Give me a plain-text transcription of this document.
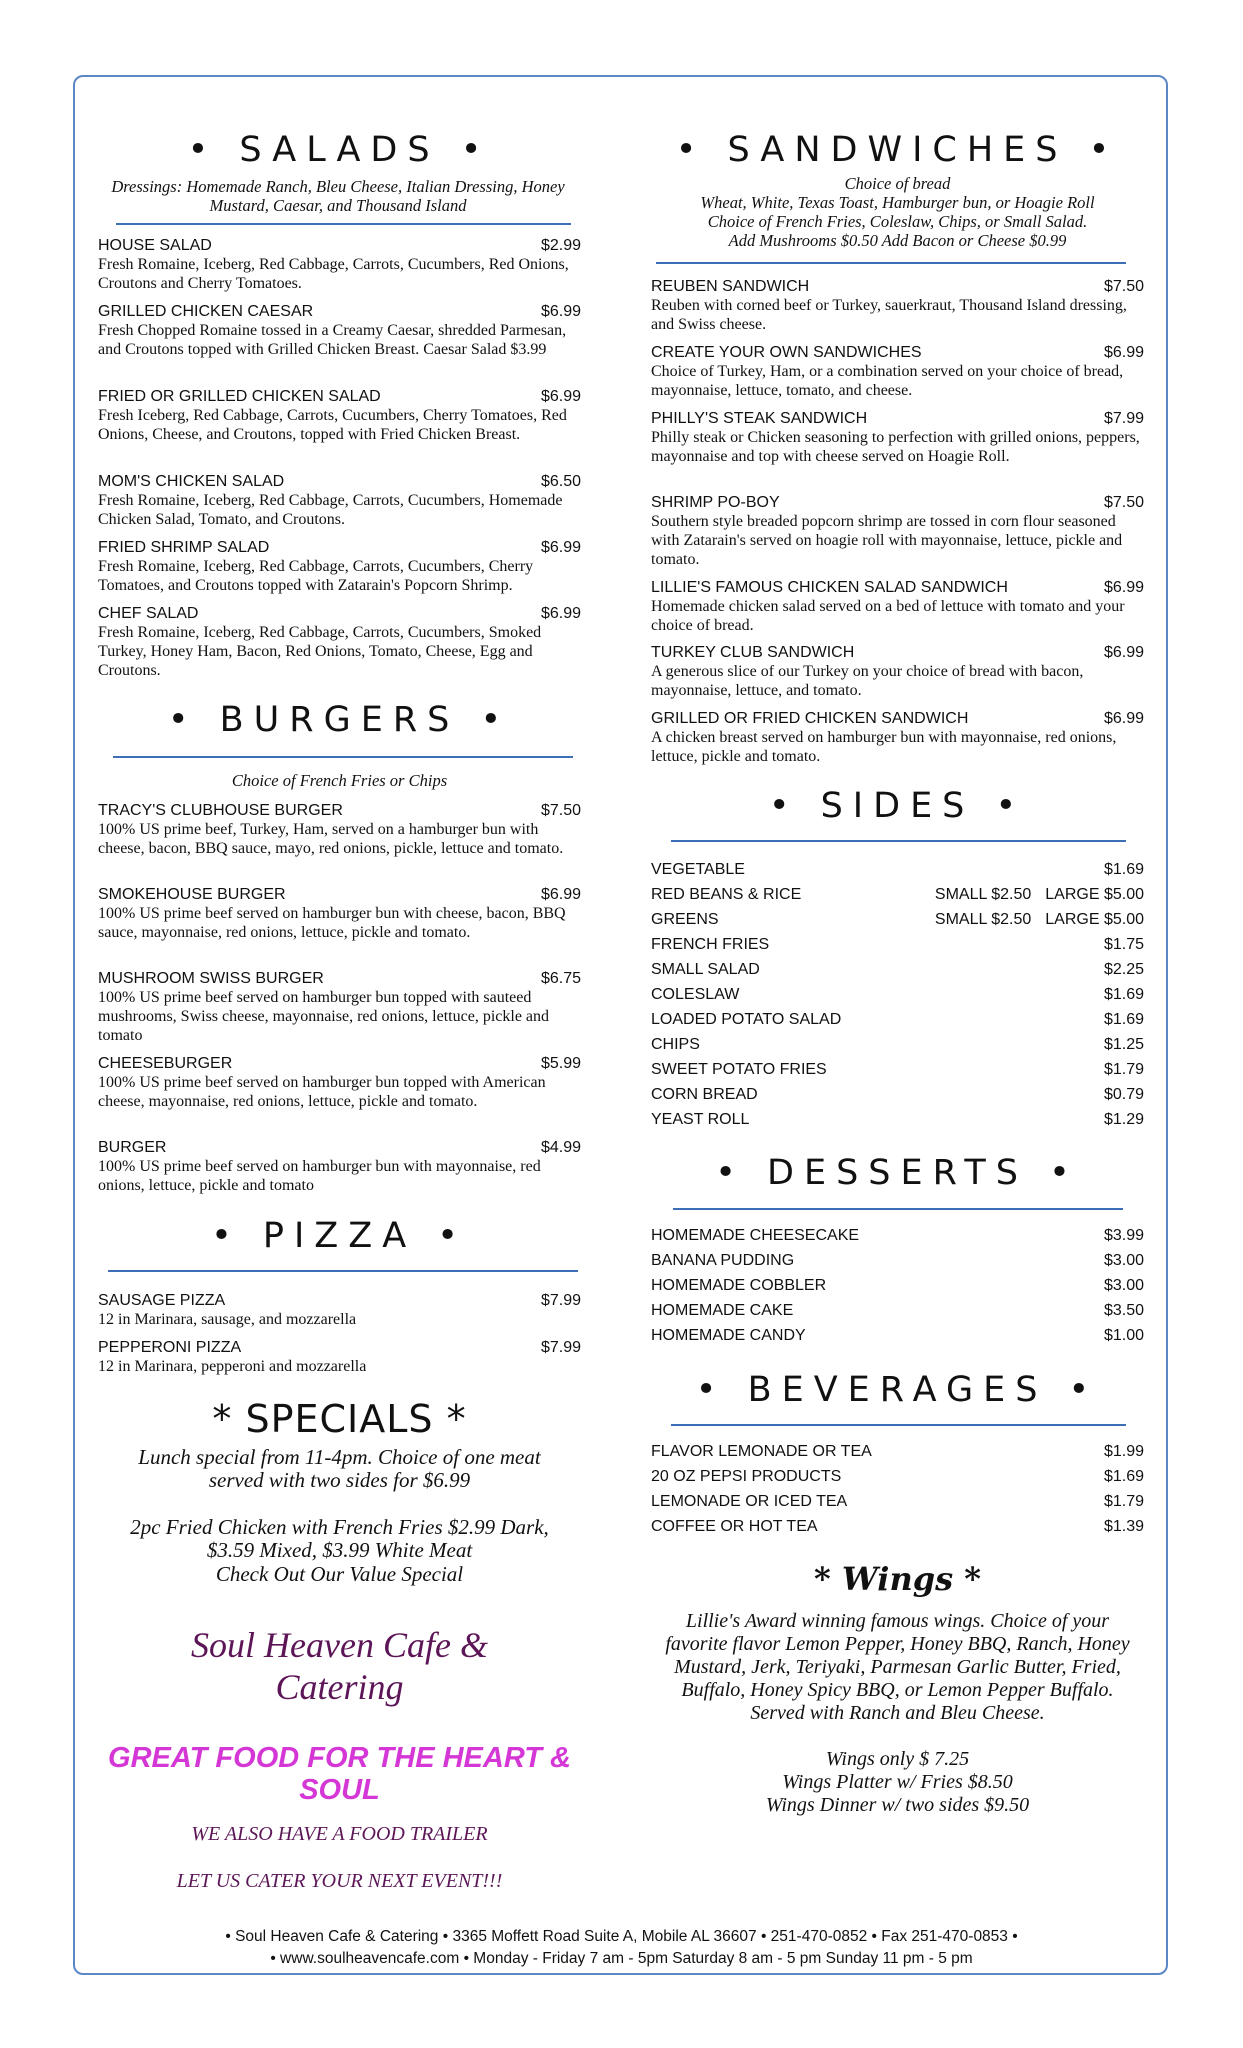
• SALADS •
Dressings: Homemade Ranch, Bleu Cheese, Italian Dressing, Honey Mustard, Caesar, and Thousand Island
HOUSE SALAD	$2.99
Fresh Romaine, Iceberg, Red Cabbage, Carrots, Cucumbers, Red Onions, Croutons and Cherry Tomatoes.
GRILLED CHICKEN CAESAR	$6.99
Fresh Chopped Romaine tossed in a Creamy Caesar, shredded Parmesan, and Croutons topped with Grilled Chicken Breast. Caesar Salad $3.99
FRIED OR GRILLED CHICKEN SALAD	$6.99
Fresh Iceberg, Red Cabbage, Carrots, Cucumbers, Cherry Tomatoes, Red Onions, Cheese, and Croutons, topped with Fried Chicken Breast.
MOM'S CHICKEN SALAD	$6.50
Fresh Romaine, Iceberg, Red Cabbage, Carrots, Cucumbers, Homemade Chicken Salad, Tomato, and Croutons.
FRIED SHRIMP SALAD	$6.99
Fresh Romaine, Iceberg, Red Cabbage, Carrots, Cucumbers, Cherry Tomatoes, and Croutons topped with Zatarain's Popcorn Shrimp.
CHEF SALAD	$6.99
Fresh Romaine, Iceberg, Red Cabbage, Carrots, Cucumbers, Smoked Turkey, Honey Ham, Bacon, Red Onions, Tomato, Cheese, Egg and Croutons.
• BURGERS •
Choice of French Fries or Chips
TRACY'S CLUBHOUSE BURGER	$7.50
100% US prime beef, Turkey, Ham, served on a hamburger bun with cheese, bacon, BBQ sauce, mayo, red onions, pickle, lettuce and tomato.
SMOKEHOUSE BURGER	$6.99
100% US prime beef served on hamburger bun with cheese, bacon, BBQ sauce, mayonnaise, red onions, lettuce, pickle and tomato.
MUSHROOM SWISS BURGER	$6.75
100% US prime beef served on hamburger bun topped with sauteed mushrooms, Swiss cheese, mayonnaise, red onions, lettuce, pickle and tomato
CHEESEBURGER	$5.99
100% US prime beef served on hamburger bun topped with American cheese, mayonnaise, red onions, lettuce, pickle and tomato.
BURGER	$4.99
100% US prime beef served on hamburger bun with mayonnaise, red onions, lettuce, pickle and tomato
• PIZZA •
SAUSAGE PIZZA	$7.99
12 in Marinara, sausage, and mozzarella
PEPPERONI PIZZA	$7.99
12 in Marinara, pepperoni and mozzarella
* SPECIALS *
Lunch special from 11-4pm. Choice of one meat served with two sides for $6.99
2pc Fried Chicken with French Fries $2.99 Dark, $3.59 Mixed, $3.99 White Meat
Check Out Our Value Special
Soul Heaven Cafe & Catering
GREAT FOOD FOR THE HEART & SOUL
WE ALSO HAVE A FOOD TRAILER
LET US CATER YOUR NEXT EVENT!!!
• SANDWICHES •
Choice of bread
Wheat, White, Texas Toast, Hamburger bun, or Hoagie Roll
Choice of French Fries, Coleslaw, Chips, or Small Salad.
Add Mushrooms $0.50 Add Bacon or Cheese $0.99
REUBEN SANDWICH	$7.50
Reuben with corned beef or Turkey, sauerkraut, Thousand Island dressing, and Swiss cheese.
CREATE YOUR OWN SANDWICHES	$6.99
Choice of Turkey, Ham, or a combination served on your choice of bread, mayonnaise, lettuce, tomato, and cheese.
PHILLY'S STEAK SANDWICH	$7.99
Philly steak or Chicken seasoning to perfection with grilled onions, peppers, mayonnaise and top with cheese served on Hoagie Roll.
SHRIMP PO-BOY	$7.50
Southern style breaded popcorn shrimp are tossed in corn flour seasoned with Zatarain's served on hoagie roll with mayonnaise, lettuce, pickle and tomato.
LILLIE'S FAMOUS CHICKEN SALAD SANDWICH	$6.99
Homemade chicken salad served on a bed of lettuce with tomato and your choice of bread.
TURKEY CLUB SANDWICH	$6.99
A generous slice of our Turkey on your choice of bread with bacon, mayonnaise, lettuce, and tomato.
GRILLED OR FRIED CHICKEN SANDWICH	$6.99
A chicken breast served on hamburger bun with mayonnaise, red onions, lettuce, pickle and tomato.
• SIDES •
VEGETABLE	$1.69
RED BEANS & RICE	SMALL $2.50 LARGE $5.00
GREENS	SMALL $2.50 LARGE $5.00
FRENCH FRIES	$1.75
SMALL SALAD	$2.25
COLESLAW	$1.69
LOADED POTATO SALAD	$1.69
CHIPS	$1.25
SWEET POTATO FRIES	$1.79
CORN BREAD	$0.79
YEAST ROLL	$1.29
• DESSERTS •
HOMEMADE CHEESECAKE	$3.99
BANANA PUDDING	$3.00
HOMEMADE COBBLER	$3.00
HOMEMADE CAKE	$3.50
HOMEMADE CANDY	$1.00
• BEVERAGES •
FLAVOR LEMONADE OR TEA	$1.99
20 OZ PEPSI PRODUCTS	$1.69
LEMONADE OR ICED TEA	$1.79
COFFEE OR HOT TEA	$1.39
* Wings *
Lillie's Award winning famous wings. Choice of your favorite flavor Lemon Pepper, Honey BBQ, Ranch, Honey Mustard, Jerk, Teriyaki, Parmesan Garlic Butter, Fried, Buffalo, Honey Spicy BBQ, or Lemon Pepper Buffalo. Served with Ranch and Bleu Cheese.
Wings only $ 7.25
Wings Platter w/ Fries $8.50
Wings Dinner w/ two sides $9.50
• Soul Heaven Cafe & Catering • 3365 Moffett Road Suite A, Mobile AL 36607 • 251-470-0852 • Fax 251-470-0853 •
• www.soulheavencafe.com • Monday - Friday 7 am - 5pm Saturday 8 am - 5 pm Sunday 11 pm - 5 pm
